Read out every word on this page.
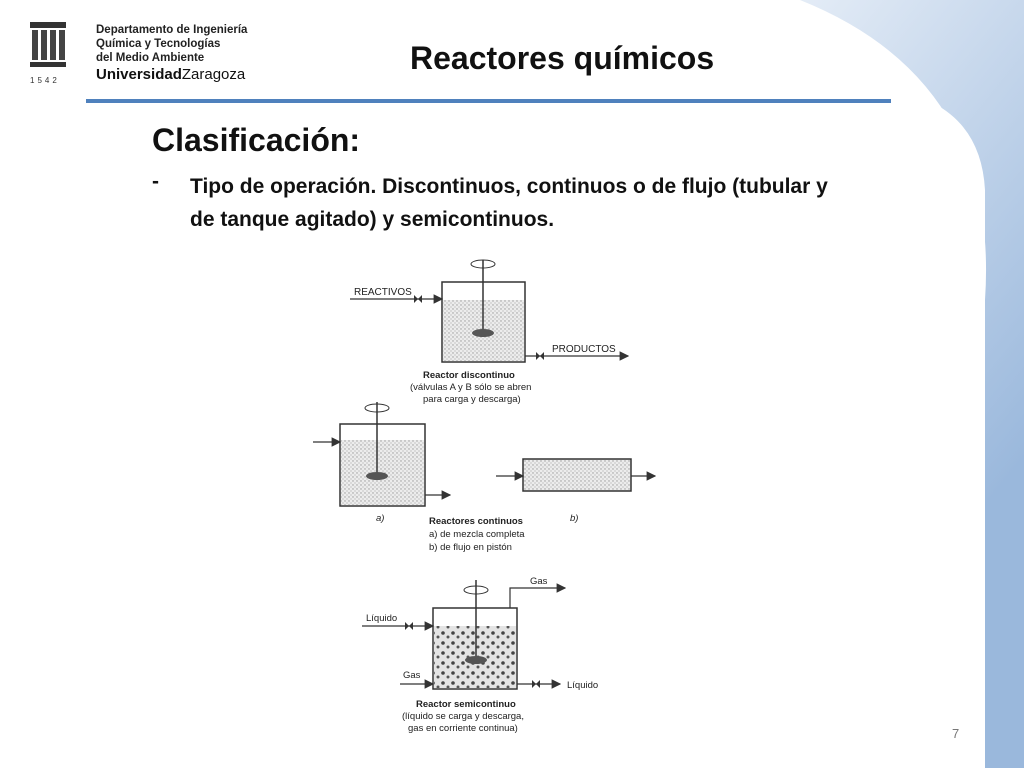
1542
Departamento de Ingeniería
Química y Tecnologías
del Medio Ambiente
UniversidadZaragoza	Reactores químicos
Clasificación:
- Tipo de operación. Discontinuos, continuos o de flujo (tubular y de tanque agitado) y semicontinuos.
REACTIVOS
PRODUCTOS
Reactor discontinuo
(válvulas A y B sólo se abren
para carga y descarga)
a)	b)
Reactores continuos
a) de mezcla completa
b) de flujo en pistón
Gas
Líquido
Gas
Líquido
Reactor semicontinuo
(líquido se carga y descarga,
gas en corriente continua)	7
